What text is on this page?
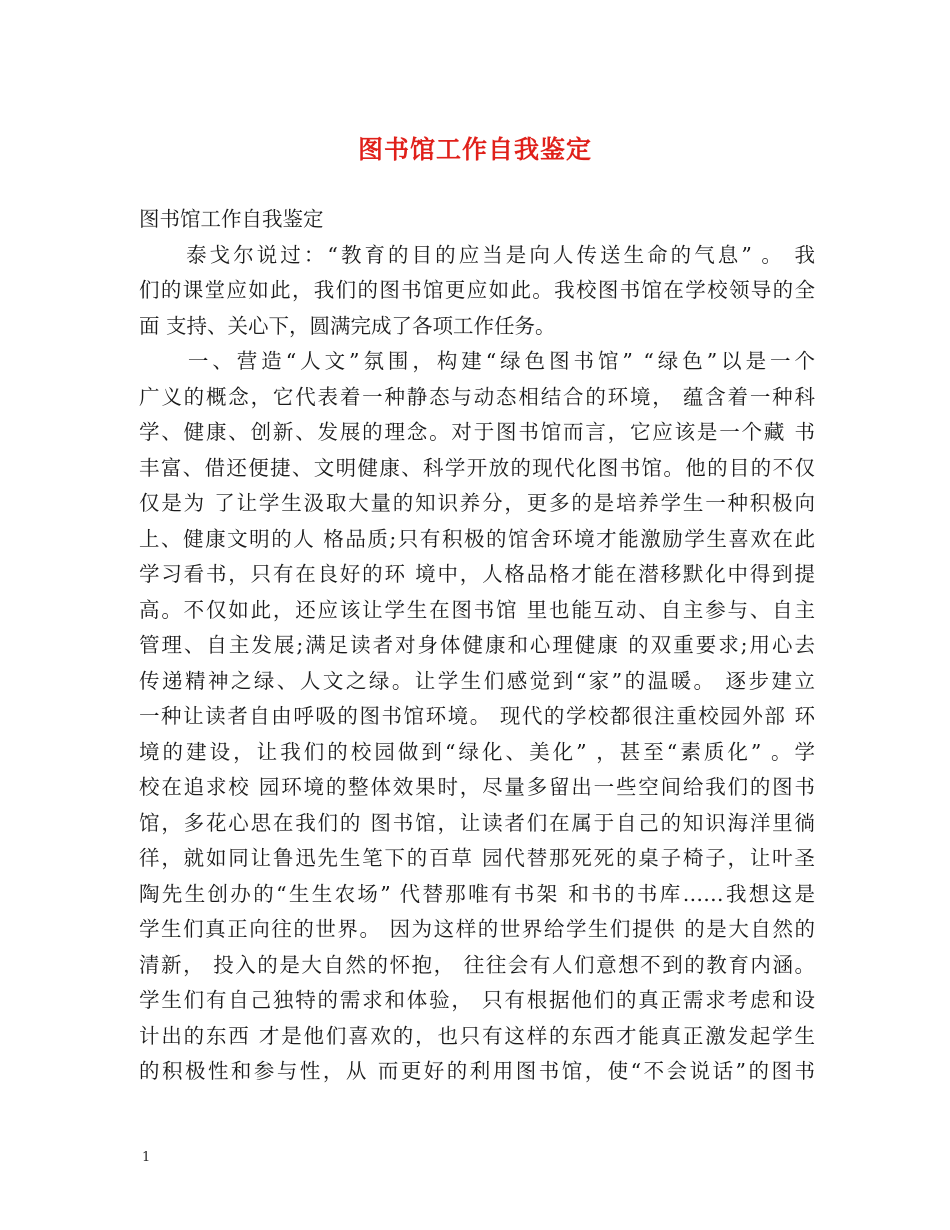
图书馆工作自我鉴定
图书馆工作自我鉴定
　　泰戈尔说过：“教育的目的应当是向人传送生命的气息” 。 我
们的课堂应如此，我们的图书馆更应如此。我校图书馆在学校领导的全
面 支持、关心下，圆满完成了各项工作任务。
　　一、营造“人文”氛围，构建“绿色图书馆” “绿色”以是一个
广义的概念，它代表着一种静态与动态相结合的环境， 蕴含着一种科
学、健康、创新、发展的理念。对于图书馆而言，它应该是一个藏 书
丰富、借还便捷、文明健康、科学开放的现代化图书馆。他的目的不仅
仅是为 了让学生汲取大量的知识养分，更多的是培养学生一种积极向
上、健康文明的人 格品质;只有积极的馆舍环境才能激励学生喜欢在此
学习看书，只有在良好的环 境中，人格品格才能在潜移默化中得到提
高。不仅如此，还应该让学生在图书馆 里也能互动、自主参与、自主
管理、自主发展;满足读者对身体健康和心理健康 的双重要求;用心去
传递精神之绿、人文之绿。让学生们感觉到“家”的温暖。 逐步建立
一种让读者自由呼吸的图书馆环境。 现代的学校都很注重校园外部 环
境的建设，让我们的校园做到“绿化、美化” ，甚至“素质化” 。学
校在追求校 园环境的整体效果时，尽量多留出一些空间给我们的图书
馆，多花心思在我们的 图书馆，让读者们在属于自己的知识海洋里徜
徉，就如同让鲁迅先生笔下的百草 园代替那死死的桌子椅子，让叶圣
陶先生创办的“生生农场” 代替那唯有书架 和书的书库……我想这是
学生们真正向往的世界。 因为这样的世界给学生们提供 的是大自然的
清新， 投入的是大自然的怀抱， 往往会有人们意想不到的教育内涵。
学生们有自己独特的需求和体验， 只有根据他们的真正需求考虑和设
计出的东西 才是他们喜欢的，也只有这样的东西才能真正激发起学生
的积极性和参与性，从 而更好的利用图书馆，使“不会说话”的图书
1
